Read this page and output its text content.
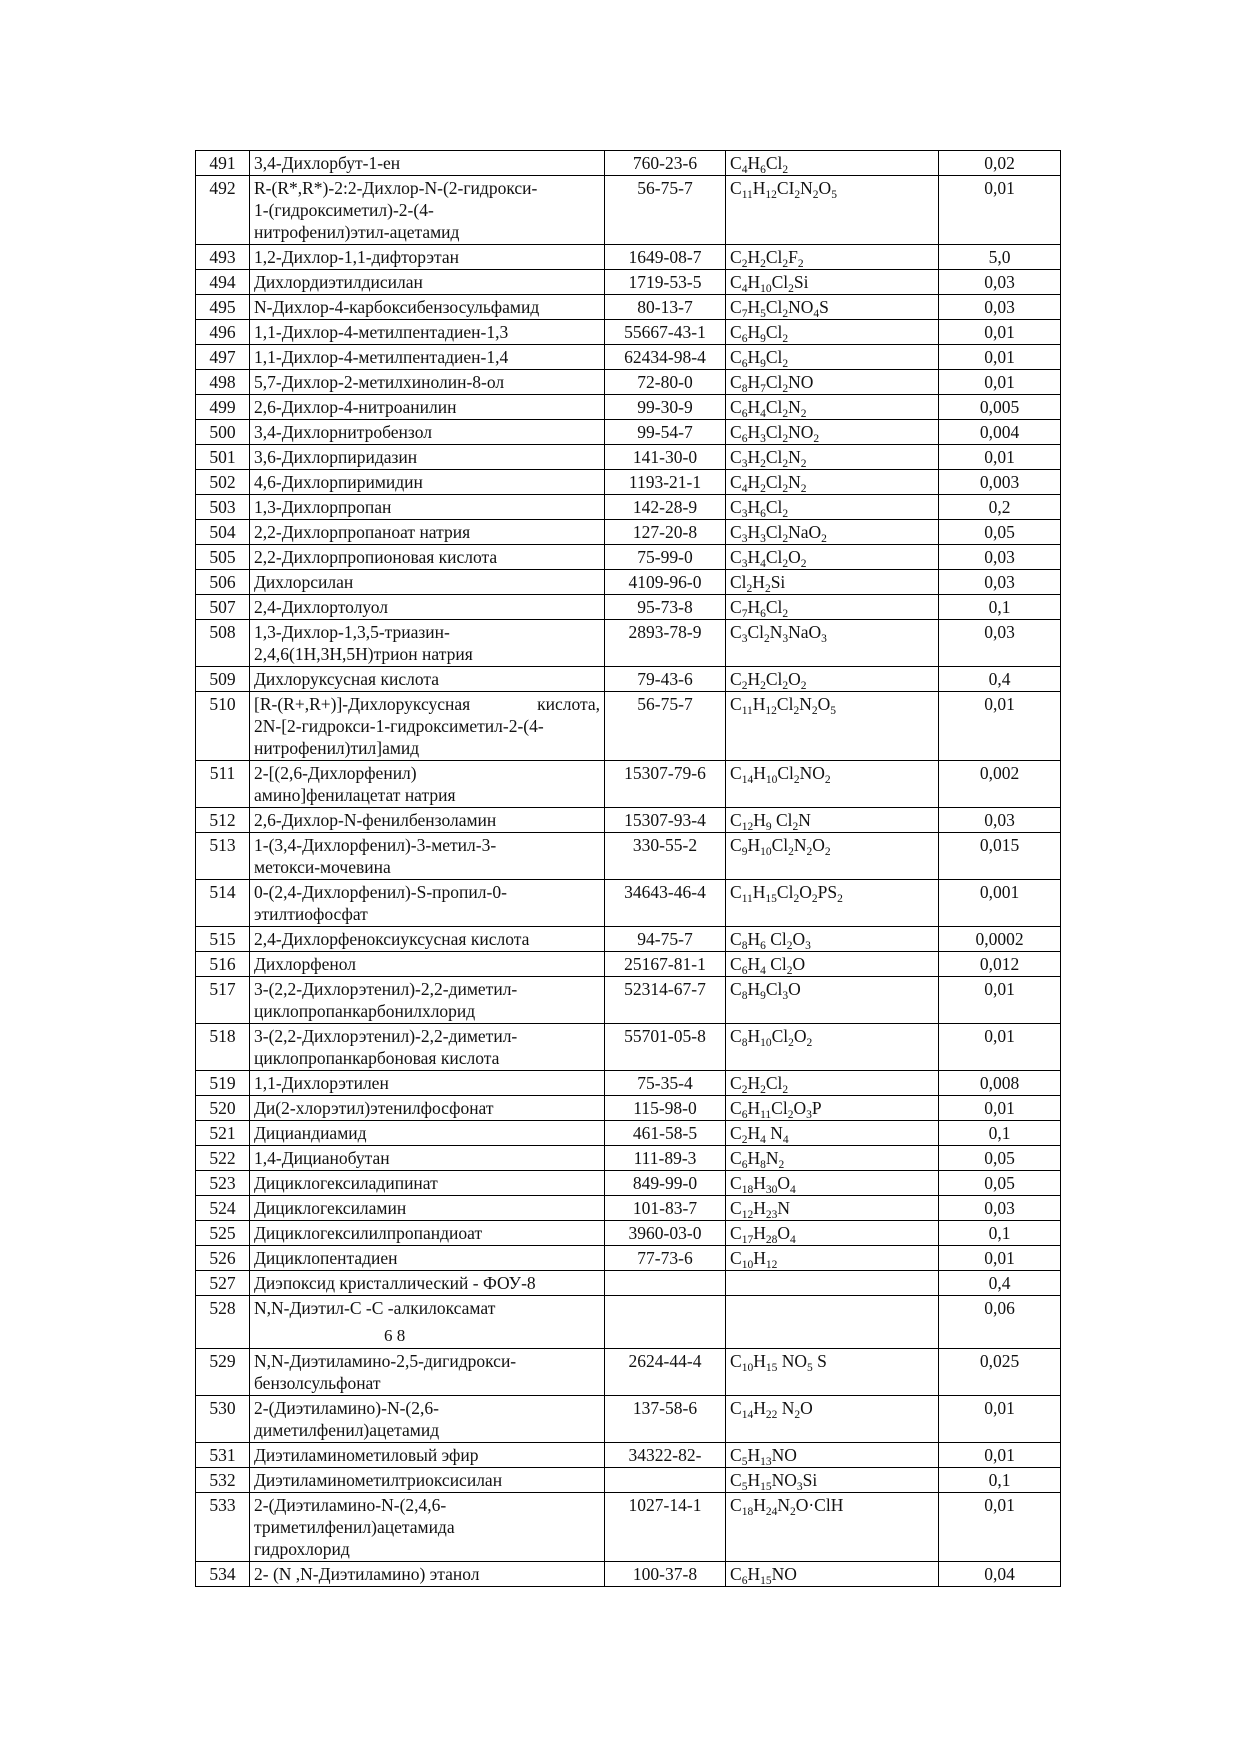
491	3,4-Дихлорбут-1-ен	760-23-6	$C_4H_6Cl_2$	0,02
492	R-(R*,R*)-2:2-Дихлор-N-(2-гидрокси-
1-(гидроксиметил)-2-(4-
нитрофенил)этил-ацетамид	56-75-7	$C_{11}H_{12}CI_2N_2O_5$	0,01
493	1,2-Дихлор-1,1-дифторэтан	1649-08-7	$C_2H_2Cl_2F_2$	5,0
494	Дихлордиэтилдисилан	1719-53-5	$C_4H_{10}Cl_2Si$	0,03
495	N-Дихлор-4-карбоксибензосульфамид	80-13-7	$C_7H_5Cl_2NO_4S$	0,03
496	1,1-Дихлор-4-метилпентадиен-1,3	55667-43-1	$C_6H_9Cl_2$	0,01
497	1,1-Дихлор-4-метилпентадиен-1,4	62434-98-4	$C_6H_9Cl_2$	0,01
498	5,7-Дихлор-2-метилхинолин-8-ол	72-80-0	$C_8H_7Cl_2NO$	0,01
499	2,6-Дихлор-4-нитроанилин	99-30-9	$C_6H_4Cl_2N_2$	0,005
500	3,4-Дихлорнитробензол	99-54-7	$C_6H_3Cl_2NO_2$	0,004
501	3,6-Дихлорпиридазин	141-30-0	$C_3H_2Cl_2N_2$	0,01
502	4,6-Дихлорпиримидин	1193-21-1	$C_4H_2Cl_2N_2$	0,003
503	1,3-Дихлорпропан	142-28-9	$C_3H_6Cl_2$	0,2
504	2,2-Дихлорпропаноат натрия	127-20-8	$C_3H_3Cl_2NaO_2$	0,05
505	2,2-Дихлорпропионовая кислота	75-99-0	$C_3H_4Cl_2O_2$	0,03
506	Дихлорсилан	4109-96-0	$Cl_2H_2Si$	0,03
507	2,4-Дихлортолуол	95-73-8	$C_7H_6Cl_2$	0,1
508	1,3-Дихлор-1,3,5-триазин-
2,4,6(1Н,3Н,5Н)трион натрия	2893-78-9	$C_3Cl_2N_3NaO_3$	0,03
509	Дихлоруксусная кислота	79-43-6	$C_2H_2Cl_2O_2$	0,4
510	[R-(R+,R+)]-Дихлоруксусная кислота,
2N-[2-гидрокси-1-гидроксиметил-2-(4-
нитрофенил)тил]амид	56-75-7	$C_{11}H_{12}Cl_2N_2O_5$	0,01
511	2-[(2,6-Дихлорфенил)
амино]фенилацетат натрия	15307-79-6	$C_{14}H_{10}Cl_2NO_2$	0,002
512	2,6-Дихлор-N-фенилбензоламин	15307-93-4	$C_{12}H_9$ $Cl_2N$	0,03
513	1-(3,4-Дихлорфенил)-3-метил-3-
метокси-мочевина	330-55-2	$C_9H_{10}Cl_2N_2O_2$	0,015
514	0-(2,4-Дихлорфенил)-S-пропил-0-
этилтиофосфат	34643-46-4	$C_{11}H_{15}Cl_2O_2PS_2$	0,001
515	2,4-Дихлорфеноксиуксусная кислота	94-75-7	$C_8H_6$ $Cl_2O_3$	0,0002
516	Дихлорфенол	25167-81-1	$C_6H_4$ $Cl_2O$	0,012
517	3-(2,2-Дихлорэтенил)-2,2-диметил-
циклопропанкарбонилхлорид	52314-67-7	$C_8H_9Cl_3O$	0,01
518	3-(2,2-Дихлорэтенил)-2,2-диметил-
циклопропанкарбоновая кислота	55701-05-8	$C_8H_{10}Cl_2O_2$	0,01
519	1,1-Дихлорэтилен	75-35-4	$C_2H_2Cl_2$	0,008
520	Ди(2-хлорэтил)этенилфосфонат	115-98-0	$C_6H_{11}Cl_2O_3P$	0,01
521	Дициандиамид	461-58-5	$C_2H_4$ $N_4$	0,1
522	1,4-Дицианобутан	111-89-3	$C_6H_8N_2$	0,05
523	Дициклогексиладипинат	849-99-0	$C_{18}H_{30}O_4$	0,05
524	Дициклогексиламин	101-83-7	$C_{12}H_{23}N$	0,03
525	Дициклогексилилпропандиоат	3960-03-0	$C_{17}H_{28}O_4$	0,1
526	Дициклопентадиен	77-73-6	$C_{10}H_{12}$	0,01
527	Диэпоксид кристаллический - ФОУ-8			0,4
528	N,N-Диэтил-C -C -алкилоксамат
6 8			0,06
529	N,N-Диэтиламино-2,5-дигидрокси-
бензолсульфонат	2624-44-4	$C_{10}H_{15}$ $NO_5$ S	0,025
530	2-(Диэтиламино)-N-(2,6-
диметилфенил)ацетамид	137-58-6	$C_{14}H_{22}$ $N_2O$	0,01
531	Диэтиламинометиловый эфир	34322-82-	$C_5H_{13}NO$	0,01
532	Диэтиламинометилтриоксисилан		$C_5H_{15}NO_3Si$	0,1
533	2-(Диэтиламино-N-(2,4,6-
триметилфенил)ацетамида
гидрохлорид	1027-14-1	$C_{18}H_{24}N_2O\cdot ClH$	0,01
534	2- (N ,N-Диэтиламино) этанол	100-37-8	$C_6H_{15}NO$	0,04
